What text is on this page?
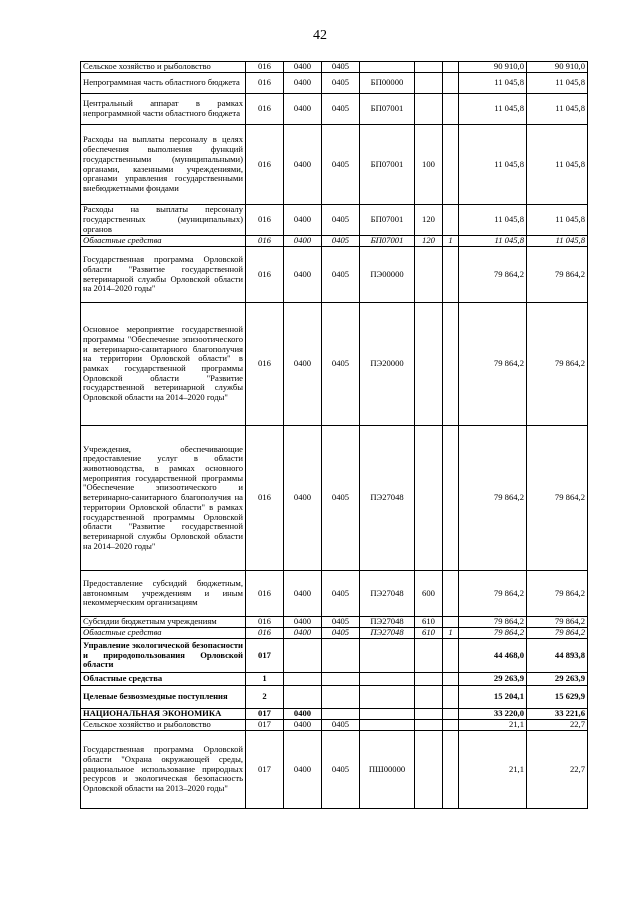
42
Сельское хозяйство и рыболовство	016	0400	0405				90 910,0	90 910,0
Непрограммная часть областного бюджета	016	0400	0405	БП00000			11 045,8	11 045,8
Центральный аппарат в рамках непрограммной части областного бюджета	016	0400	0405	БП07001			11 045,8	11 045,8
Расходы на выплаты персоналу в целях обеспечения выполнения функций государственными (муниципальными) органами, казенными учреждениями, органами управления государственными внебюджетными фондами	016	0400	0405	БП07001	100		11 045,8	11 045,8
Расходы на выплаты персоналу государственных (муниципальных) органов	016	0400	0405	БП07001	120		11 045,8	11 045,8
Областные средства	016	0400	0405	БП07001	120	1	11 045,8	11 045,8
Государственная программа Орловской области "Развитие государственной ветеринарной службы Орловской области на 2014–2020 годы"	016	0400	0405	ПЭ00000			79 864,2	79 864,2
Основное мероприятие государственной программы "Обеспечение эпизоотического и ветеринарно-санитарного благополучия на территории Орловской области" в рамках государственной программы Орловской области "Развитие государственной ветеринарной службы Орловской области на 2014–2020 годы"	016	0400	0405	ПЭ20000			79 864,2	79 864,2
Учреждения, обеспечивающие предоставление услуг в области животноводства, в рамках основного мероприятия государственной программы "Обеспечение эпизоотического и ветеринарно-санитарного благополучия на территории Орловской области" в рамках государственной программы Орловской области "Развитие государственной ветеринарной службы Орловской области на 2014–2020 годы"	016	0400	0405	ПЭ27048			79 864,2	79 864,2
Предоставление субсидий бюджетным, автономным учреждениям и иным некоммерческим организациям	016	0400	0405	ПЭ27048	600		79 864,2	79 864,2
Субсидии бюджетным учреждениям	016	0400	0405	ПЭ27048	610		79 864,2	79 864,2
Областные средства	016	0400	0405	ПЭ27048	610	1	79 864,2	79 864,2
Управление экологической безопасности и природопользования Орловской области	017						44 468,0	44 893,8
Областные средства	1						29 263,9	29 263,9
Целевые безвозмездные поступления	2						15 204,1	15 629,9
НАЦИОНАЛЬНАЯ ЭКОНОМИКА	017	0400					33 220,0	33 221,6
Сельское хозяйство и рыболовство	017	0400	0405				21,1	22,7
Государственная программа Орловской области "Охрана окружающей среды, рациональное использование природных ресурсов и экологическая безопасность Орловской области на 2013–2020 годы"	017	0400	0405	ПШ00000			21,1	22,7
